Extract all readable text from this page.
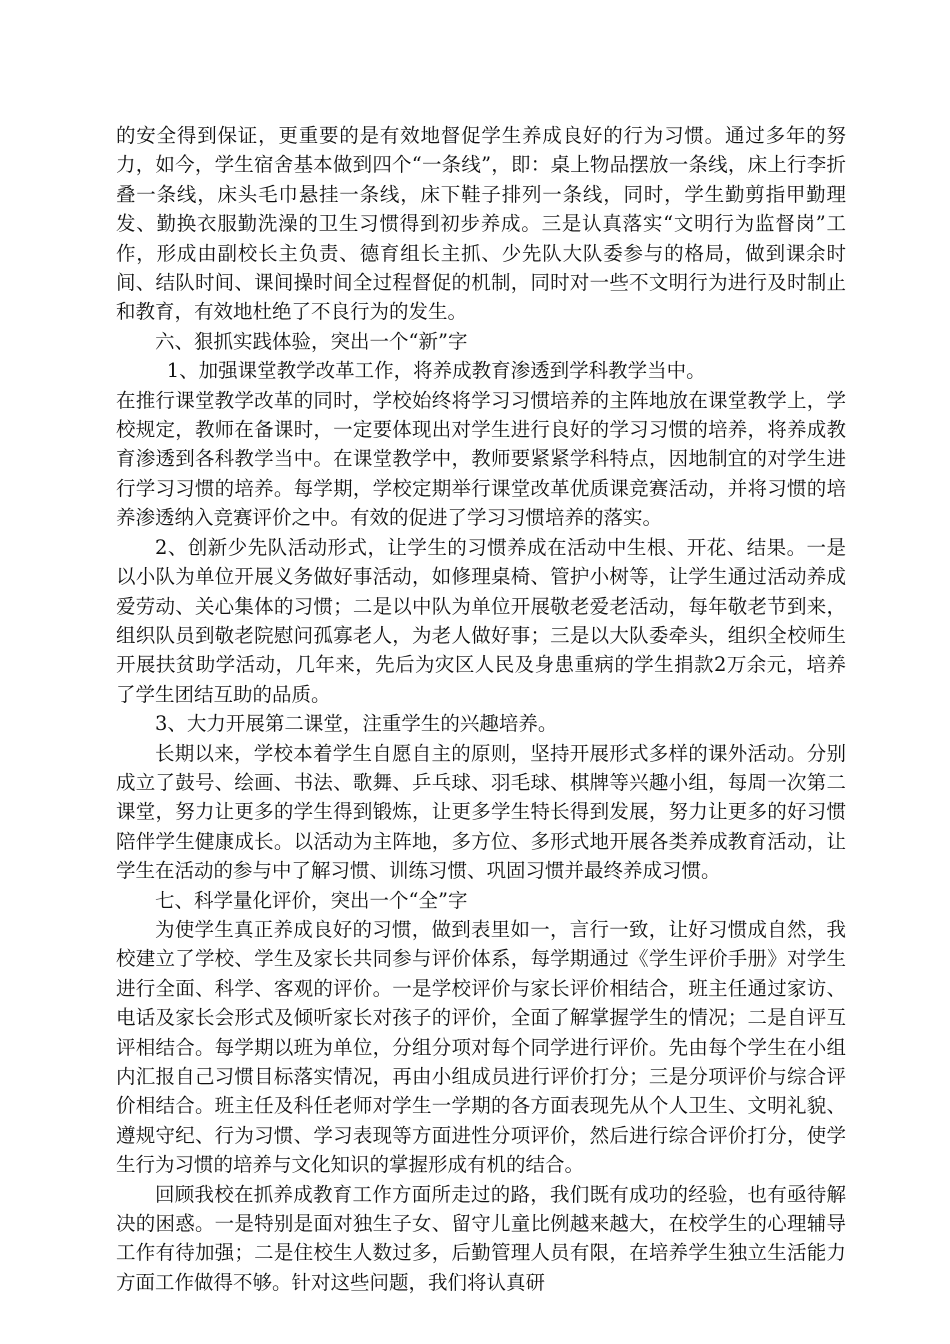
的安全得到保证，更重要的是有效地督促学生养成良好的行为习惯。通过多年的努力，如今，学生宿舍基本做到四个“一条线”，即：桌上物品摆放一条线，床上行李折叠一条线，床头毛巾悬挂一条线，床下鞋子排列一条线，同时，学生勤剪指甲勤理发、勤换衣服勤洗澡的卫生习惯得到初步养成。三是认真落实“文明行为监督岗”工作，形成由副校长主负责、德育组长主抓、少先队大队委参与的格局，做到课余时间、结队时间、课间操时间全过程督促的机制，同时对一些不文明行为进行及时制止和教育，有效地杜绝了不良行为的发生。

六、狠抓实践体验，突出一个“新”字

1、加强课堂教学改革工作，将养成教育渗透到学科教学当中。

在推行课堂教学改革的同时，学校始终将学习习惯培养的主阵地放在课堂教学上，学校规定，教师在备课时，一定要体现出对学生进行良好的学习习惯的培养，将养成教育渗透到各科教学当中。在课堂教学中，教师要紧紧学科特点，因地制宜的对学生进行学习习惯的培养。每学期，学校定期举行课堂改革优质课竞赛活动，并将习惯的培养渗透纳入竞赛评价之中。有效的促进了学习习惯培养的落实。

2、创新少先队活动形式，让学生的习惯养成在活动中生根、开花、结果。一是以小队为单位开展义务做好事活动，如修理桌椅、管护小树等，让学生通过活动养成爱劳动、关心集体的习惯；二是以中队为单位开展敬老爱老活动，每年敬老节到来，组织队员到敬老院慰问孤寡老人，为老人做好事；三是以大队委牵头，组织全校师生开展扶贫助学活动，几年来，先后为灾区人民及身患重病的学生捐款2万余元，培养了学生团结互助的品质。

3、大力开展第二课堂，注重学生的兴趣培养。

长期以来，学校本着学生自愿自主的原则，坚持开展形式多样的课外活动。分别成立了鼓号、绘画、书法、歌舞、乒乓球、羽毛球、棋牌等兴趣小组，每周一次第二课堂，努力让更多的学生得到锻炼，让更多学生特长得到发展，努力让更多的好习惯陪伴学生健康成长。以活动为主阵地，多方位、多形式地开展各类养成教育活动，让学生在活动的参与中了解习惯、训练习惯、巩固习惯并最终养成习惯。

七、科学量化评价，突出一个“全”字

为使学生真正养成良好的习惯，做到表里如一，言行一致，让好习惯成自然，我校建立了学校、学生及家长共同参与评价体系，每学期通过《学生评价手册》对学生进行全面、科学、客观的评价。一是学校评价与家长评价相结合，班主任通过家访、电话及家长会形式及倾听家长对孩子的评价，全面了解掌握学生的情况；二是自评互评相结合。每学期以班为单位，分组分项对每个同学进行评价。先由每个学生在小组内汇报自己习惯目标落实情况，再由小组成员进行评价打分；三是分项评价与综合评价相结合。班主任及科任老师对学生一学期的各方面表现先从个人卫生、文明礼貌、遵规守纪、行为习惯、学习表现等方面进性分项评价，然后进行综合评价打分，使学生行为习惯的培养与文化知识的掌握形成有机的结合。

回顾我校在抓养成教育工作方面所走过的路，我们既有成功的经验，也有亟待解决的困惑。一是特别是面对独生子女、留守儿童比例越来越大，在校学生的心理辅导工作有待加强；二是住校生人数过多，后勤管理人员有限，在培养学生独立生活能力方面工作做得不够。针对这些问题，我们将认真研
